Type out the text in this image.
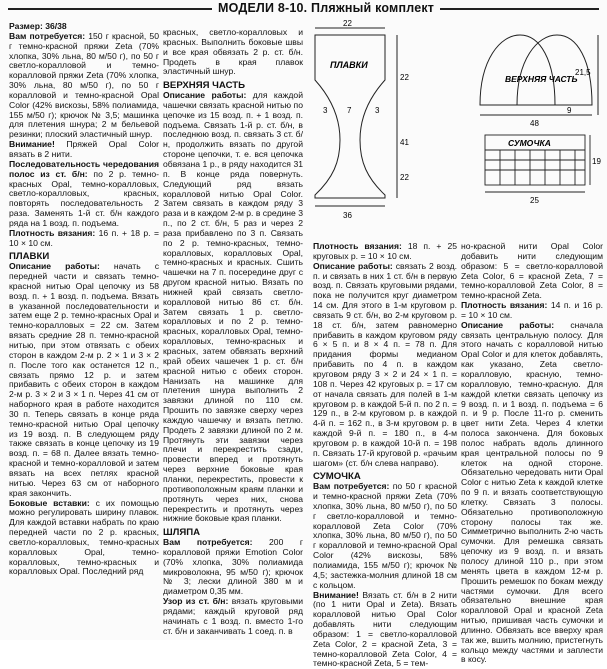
МОДЕЛИ 8-10. Пляжный комплект

Размер: 36/38

Вам потребуется: 150 г красной, 50 г темно-красной пряжи Zeta (70% хлопка, 30% льна, 80 м/50 г), по 50 г светло-коралловой и темно-коралловой пряжи Zeta (70% хлопка, 30% льна, 80 м/50 г), по 50 г коралловой и темно-красной Opal Color (42% вискозы, 58% полиамида, 155 м/50 г); крючок № 3,5; машинка для плетения шнура; 2 м бельевой резинки; плоский эластичный шнур.

Внимание! Пряжей Opal Color вязать в 2 нити.

Последовательность чередования полос из ст. б/н: по 2 р. темно-красных Opal, темно-коралловых, светло-коралловых, красных, повторять последовательность 2 раза. Заменять 1-й ст. б/н каждого ряда на 1 возд. п. подъема.

Плотность вязания: 16 п. + 18 р. = 10 × 10 см.

ПЛАВКИ

Описание работы: начать с передней части и связать темно-красной нитью Opal цепочку из 58 возд. п. + 1 возд. п. подъема. Вязать в указанной последовательности и затем еще 2 р. темно-красных Opal и темно-коралловых = 22 см. Затем вязать средние 28 п. темно-красной нитью, при этом отвязать с обеих сторон в каждом 2-м р. 2 × 1 и 3 × 2 п. После того как останется 12 п., связать прямо 12 р. и затем прибавить с обеих сторон в каждом 2-м р. 3 × 2 и 3 × 1 п. Через 41 см от наборного края в работе находится 30 п. Теперь связать в конце ряда темно-красной нитью Opal цепочку из 19 возд. п. В следующем ряду также связать в конце цепочку из 19 возд. п. = 68 п. Далее вязать темно-красной и темно-коралловой и затем вязать на всех петлях красной нитью. Через 63 см от наборного края закончить.

Боковые вставки: с их помощью можно регулировать ширину плавок. Для каждой вставки набрать по краю передней части по 2 р. красных, светло-коралловых, темно-красных коралловых Opal, темно-коралловых, темно-красных и коралловых Opal. Последний ряд

красных, светло-коралловых и красных. Выполнить боковые швы и все края обвязать 2 р. ст. б/н. Продеть в края плавок эластичный шнур.

ВЕРХНЯЯ ЧАСТЬ

Описание работы: для каждой чашечки связать красной нитью по цепочке из 15 возд. п. + 1 возд. п. подъема. Связать 1-й р. ст. б/н, в последнюю возд. п. связать 3 ст. б/н, продолжить вязать по другой стороне цепочки, т. е. вся цепочка обвязана 1 р., в ряду находится 31 п. В конце ряда повернуть. Следующий ряд вязать коралловой нитью Opal Color. Затем связать в каждом ряду 3 раза и в каждом 2-м р. в средине 3 п., по 2 ст. б/н, 5 раз и через 2 раза прибавлено по 3 п. Связать по 2 р. темно-красных, темно-коралловых, коралловых Opal, темно-красных и красных. Сшить чашечки на 7 п. посередине друг с другом красной нитью. Вязать по нижней край связать светло-коралловой нитью 86 ст. б/н. Затем связать 1 р. светло-коралловых и по 2 р. темно-красных, коралловых Opal, темно-коралловых, темно-красных и красных, затем обвязать верхний край обеих чашечек 1 р. ст. б/н красной нитью с обеих сторон. Нанизать на машинке для плетения шнура выполнить 2 завязки длиной по 110 см. Прошить по завязке сверху через каждую чашечку и вязать петлю. Продеть 2 завязки длиной по 2 м. Протянуть эти завязки через плечи и перекрестить сзади, провести вперед и протянуть через верхние боковые края планки, перекрестить, провести к противоположным краям планки и протянуть через них, снова перекрестить и протянуть через нижние боковые края планки.

ШЛЯПА

Вам потребуется: 200 г коралловой пряжи Emotion Color (70% хлопка, 30% полиамида микроволокна, 95 м/50 г); крючок № 3; лески длиной 380 м и диаметром 0,35 мм.

Узор из ст. б/н: вязать круговыми рядами; каждый круговой ряд начинать с 1 возд. п. вместо 1-го ст. б/н и заканчивать 1 соед. п. в

ПЛАВКИ
22
36
22
41
22
3 7	3
ВЕРХНЯЯ ЧАСТЬ
21,5
9
48
СУМОЧКА
19
25

Плотность вязания: 18 п. + 25 круговых р. = 10 × 10 см.

Описание работы: связать 2 возд. п. и связать в них 1 ст. б/н в первую возд. п. Связать круговыми рядами, пока не получится круг диаметром 14 см. Для этого в 1-м круговом р. связать 9 ст. б/н, во 2-м круговом р. 18 ст. б/н, затем равномерно прибавить в каждом круговом ряду 6 × 5 п. и 8 × 4 п. = 78 п. Для придания формы медианом прибавить по 4 п. в каждом круговом ряду 3 × 2 и 24 × 1 п. = 108 п. Через 42 круговых р. = 17 см от начала связать для полей в 1-м круговом р. в каждой 5-й п. по 2 п. = 129 п., в 2-м круговом р. в каждой 4-й п. = 162 п., в 3-м круговом р. в каждой 9-й п. = 180 п., в 4-м круговом р. в каждой 10-й п. = 198 п. Связать 17-й круговой р. «рачьим шагом» (ст. б/н слева направо).

СУМОЧКА

Вам потребуется: по 50 г красной и темно-красной пряжи Zeta (70% хлопка, 30% льна, 80 м/50 г), по 50 г светло-коралловой и темно-коралловой Zeta Color (70% хлопка, 30% льна, 80 м/50 г), по 50 г коралловой и темно-красной Opal Color (42% вискозы, 58% полиамида, 155 м/50 г); крючок № 4,5; застежка-молния длиной 18 см с кольцом.

Внимание! Вязать ст. б/н в 2 нити (по 1 нити Opal и Zeta). Вязать коралловой нитью Opal Color добавлять нити следующим образом: 1 = светло-коралловой Zeta Color, 2 = красной Zeta, 3 = темно-коралловой Zeta Color, 4 = темно-красной Zeta, 5 = тем-

но-красной нити Opal Color добавить нити следующим образом: 5 = светло-коралловой Zeta Color, 6 = красной Zeta, 7 = темно-коралловой Zeta Color, 8 = темно-красной Zeta.

Плотность вязания: 14 п. и 16 р. = 10 × 10 см.

Описание работы: сначала связать центральную полосу. Для этого начать с коралловой нитью Opal Color и для клеток добавлять, как указано, Zeta светло-коралловую, красную, темно-коралловую, темно-красную. Для каждой клетки связать цепочку из 9 возд. п. и 1 возд. п. подъема = 6 п. и 9 р. После 11-го р. сменить цвет нити Zeta. Через 4 клетки полоса закончена. Для боковых полос набрать вдоль длинного края центральной полосы по 9 клеток на одной стороне. Обязательно чередовать нити Opal Color с нитью Zeta к каждой клетке по 9 п. и вязать соответствующую клетку. Связать 3 полосы. Обязательно противоположную сторону полосы так же. Симметрично выполнить 2-ю часть сумочки. Для ремешка связать цепочку из 9 возд. п. и вязать полосу длиной 110 р., при этом менять цвета в каждом 12-м р. Прошить ремешок по бокам между частями сумочки. Для всего обязательно внешние края коралловой Opal и красной Zeta нитью, пришивая часть сумочки и длинно. Обвязать все вверху края так же, вшить молнию, пристегнуть кольцо между частями и заплести в косу.
